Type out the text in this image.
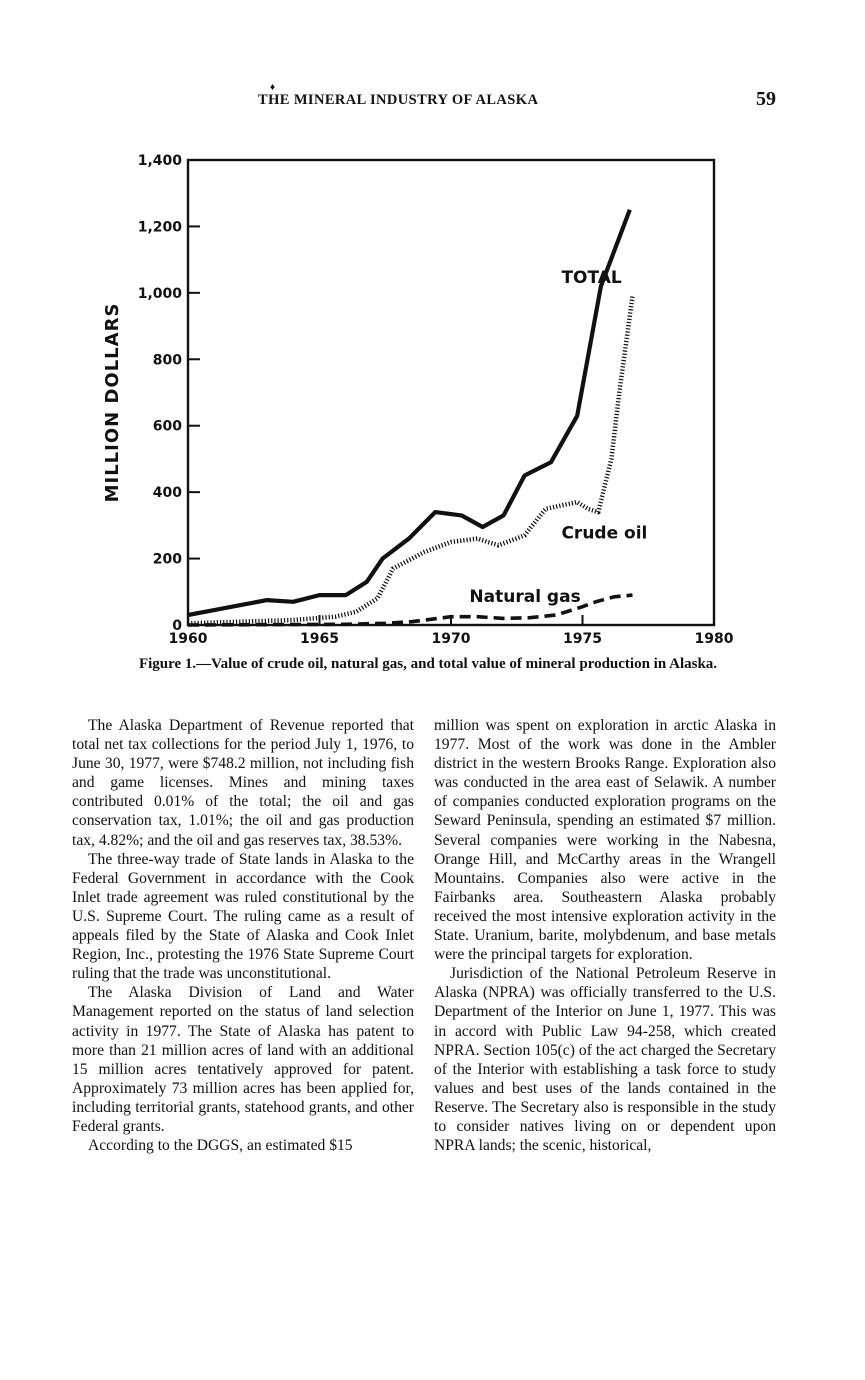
♦
THE MINERAL INDUSTRY OF ALASKA	59
0
200
400
600
800
1,000
1,200
1,400
1960	1965	1970	1975	1980
MILLION DOLLARS
TOTAL
Crude oil
Natural gas
Figure 1.—Value of crude oil, natural gas, and total value of mineral production in Alaska.

The Alaska Department of Revenue reported that total net tax collections for the period July 1, 1976, to June 30, 1977, were $748.2 million, not including fish and game licenses. Mines and mining taxes contributed 0.01% of the total; the oil and gas conservation tax, 1.01%; the oil and gas production tax, 4.82%; and the oil and gas reserves tax, 38.53%.

The three-way trade of State lands in Alaska to the Federal Government in accordance with the Cook Inlet trade agreement was ruled constitutional by the U.S. Supreme Court. The ruling came as a result of appeals filed by the State of Alaska and Cook Inlet Region, Inc., protesting the 1976 State Supreme Court ruling that the trade was unconstitutional.

The Alaska Division of Land and Water Management reported on the status of land selection activity in 1977. The State of Alaska has patent to more than 21 million acres of land with an additional 15 million acres tentatively approved for patent. Approximately 73 million acres has been applied for, including territorial grants, statehood grants, and other Federal grants.

According to the DGGS, an estimated $15

million was spent on exploration in arctic Alaska in 1977. Most of the work was done in the Ambler district in the western Brooks Range. Exploration also was conducted in the area east of Selawik. A number of companies conducted exploration programs on the Seward Peninsula, spending an estimated $7 million. Several companies were working in the Nabesna, Orange Hill, and McCarthy areas in the Wrangell Mountains. Companies also were active in the Fairbanks area. Southeastern Alaska probably received the most intensive exploration activity in the State. Uranium, barite, molybdenum, and base metals were the principal targets for exploration.

Jurisdiction of the National Petroleum Reserve in Alaska (NPRA) was officially transferred to the U.S. Department of the Interior on June 1, 1977. This was in accord with Public Law 94-258, which created NPRA. Section 105(c) of the act charged the Secretary of the Interior with establishing a task force to study values and best uses of the lands contained in the Reserve. The Secretary also is responsible in the study to consider natives living on or dependent upon NPRA lands; the scenic, historical,
